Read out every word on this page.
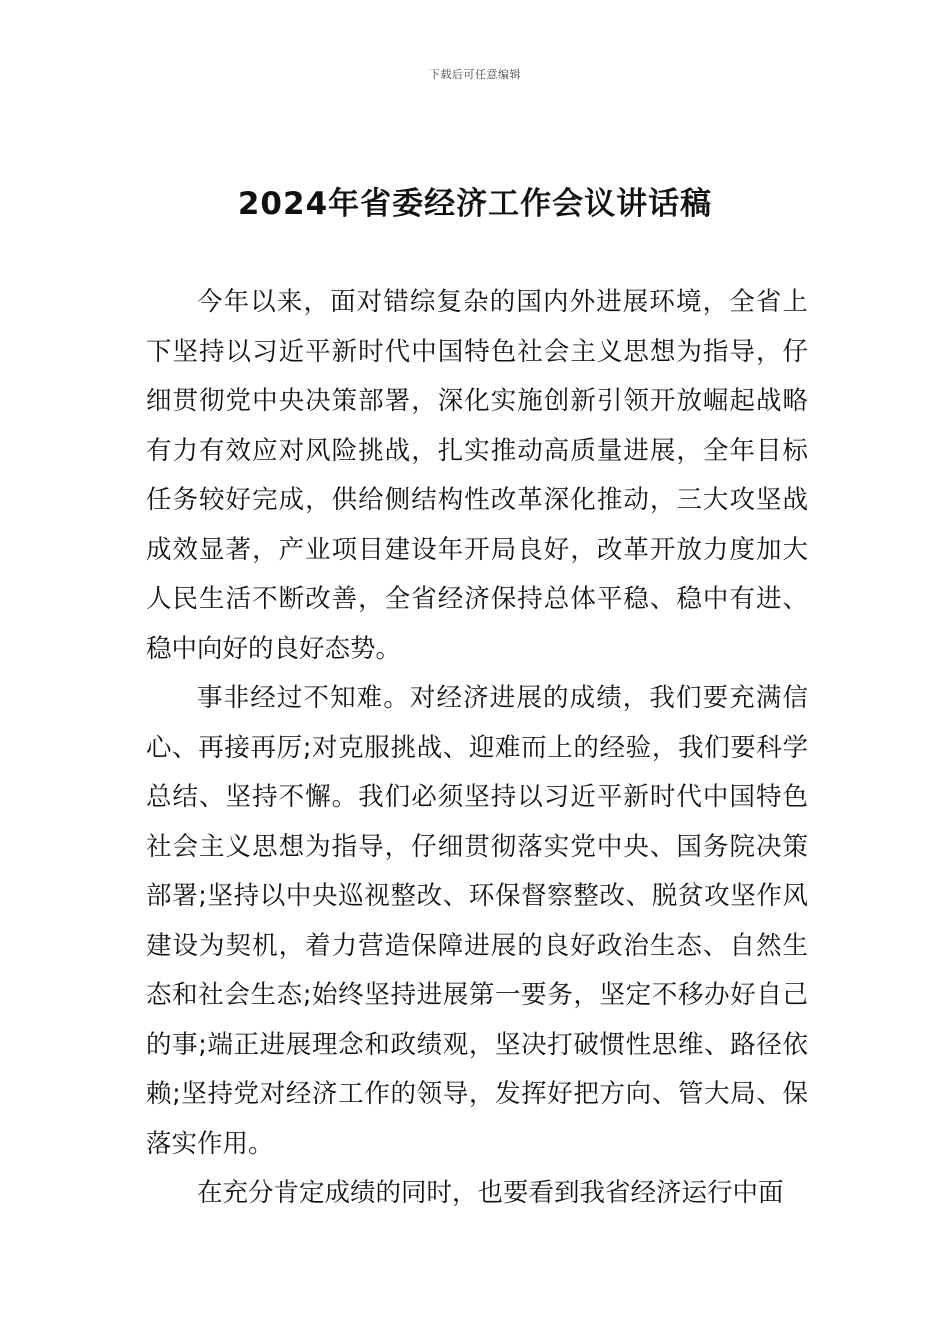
下载后可任意编辑
2024年省委经济工作会议讲话稿

今年以来，面对错综复杂的国内外进展环境，全省上下坚持以习近平新时代中国特色社会主义思想为指导，仔细贯彻党中央决策部署，深化实施创新引领开放崛起战略有力有效应对风险挑战，扎实推动高质量进展，全年目标任务较好完成，供给侧结构性改革深化推动，三大攻坚战成效显著，产业项目建设年开局良好，改革开放力度加大人民生活不断改善，全省经济保持总体平稳、稳中有进、稳中向好的良好态势。

事非经过不知难。对经济进展的成绩，我们要充满信心、再接再厉;对克服挑战、迎难而上的经验，我们要科学总结、坚持不懈。我们必须坚持以习近平新时代中国特色社会主义思想为指导，仔细贯彻落实党中央、国务院决策部署;坚持以中央巡视整改、环保督察整改、脱贫攻坚作风建设为契机，着力营造保障进展的良好政治生态、自然生态和社会生态;始终坚持进展第一要务，坚定不移办好自己的事;端正进展理念和政绩观，坚决打破惯性思维、路径依赖;坚持党对经济工作的领导，发挥好把方向、管大局、保落实作用。

在充分肯定成绩的同时，也要看到我省经济运行中面
